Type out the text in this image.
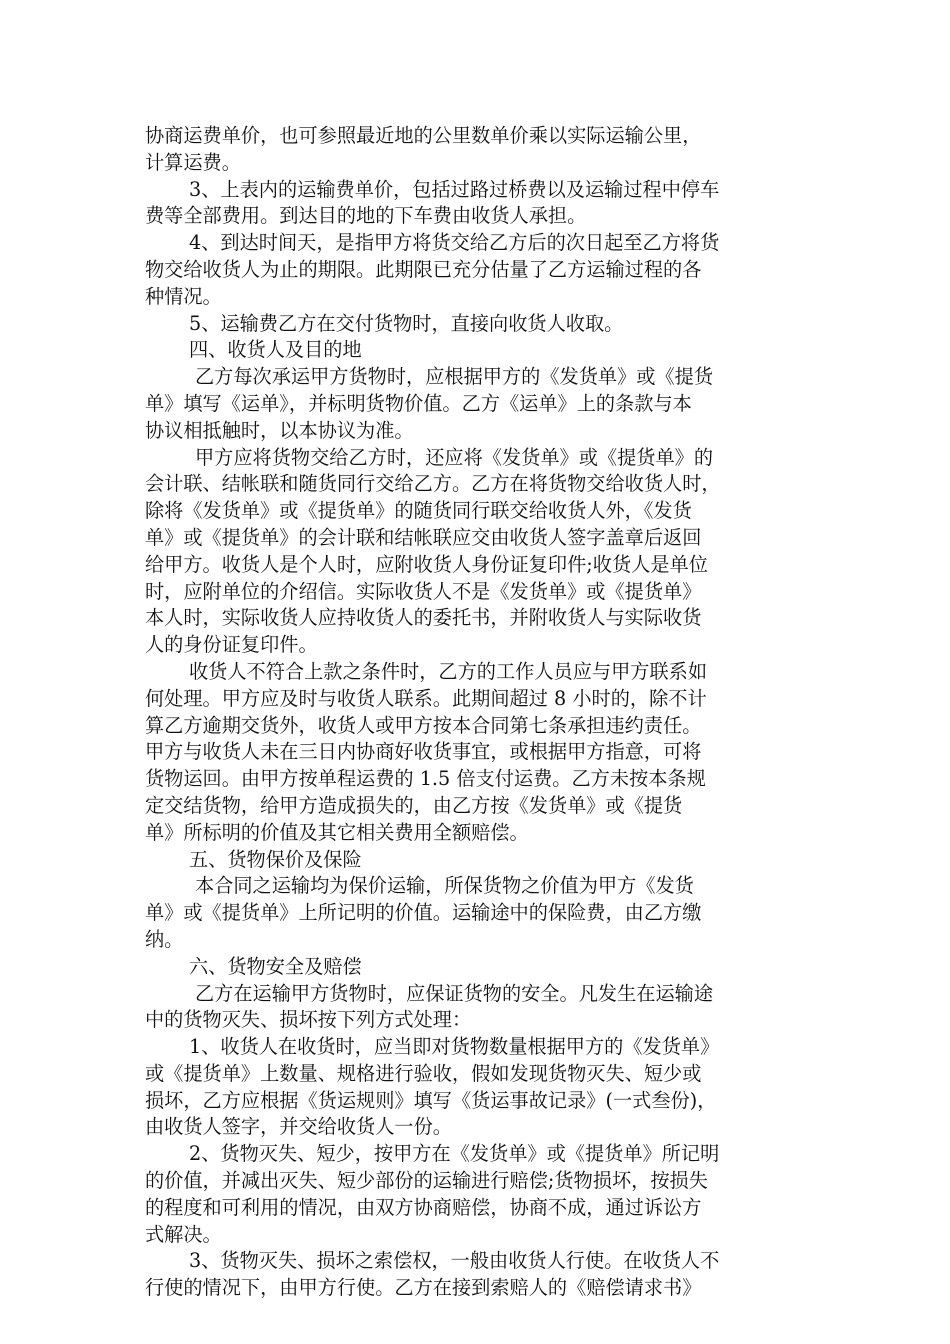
协商运费单价，也可参照最近地的公里数单价乘以实际运输公里，
计算运费。
3、上表内的运输费单价，包括过路过桥费以及运输过程中停车
费等全部费用。到达目的地的下车费由收货人承担。
4、到达时间天，是指甲方将货交给乙方后的次日起至乙方将货
物交给收货人为止的期限。此期限已充分估量了乙方运输过程的各
种情况。
5、运输费乙方在交付货物时，直接向收货人收取。
四、收货人及目的地
乙方每次承运甲方货物时，应根据甲方的《发货单》或《提货
单》填写《运单》，并标明货物价值。乙方《运单》上的条款与本
协议相抵触时，以本协议为准。
甲方应将货物交给乙方时，还应将《发货单》或《提货单》的
会计联、结帐联和随货同行交给乙方。乙方在将货物交给收货人时，
除将《发货单》或《提货单》的随货同行联交给收货人外，《发货
单》或《提货单》的会计联和结帐联应交由收货人签字盖章后返回
给甲方。收货人是个人时，应附收货人身份证复印件;收货人是单位
时，应附单位的介绍信。实际收货人不是《发货单》或《提货单》
本人时，实际收货人应持收货人的委托书，并附收货人与实际收货
人的身份证复印件。
收货人不符合上款之条件时，乙方的工作人员应与甲方联系如
何处理。甲方应及时与收货人联系。此期间超过 8 小时的，除不计
算乙方逾期交货外，收货人或甲方按本合同第七条承担违约责任。
甲方与收货人未在三日内协商好收货事宜，或根据甲方指意，可将
货物运回。由甲方按单程运费的 1.5 倍支付运费。乙方未按本条规
定交结货物，给甲方造成损失的，由乙方按《发货单》或《提货
单》所标明的价值及其它相关费用全额赔偿。
五、货物保价及保险
本合同之运输均为保价运输，所保货物之价值为甲方《发货
单》或《提货单》上所记明的价值。运输途中的保险费，由乙方缴
纳。
六、货物安全及赔偿
乙方在运输甲方货物时，应保证货物的安全。凡发生在运输途
中的货物灭失、损坏按下列方式处理：
1、收货人在收货时，应当即对货物数量根据甲方的《发货单》
或《提货单》上数量、规格进行验收，假如发现货物灭失、短少或
损坏，乙方应根据《货运规则》填写《货运事故记录》(一式叁份)，
由收货人签字，并交给收货人一份。
2、货物灭失、短少，按甲方在《发货单》或《提货单》所记明
的价值，并减出灭失、短少部份的运输进行赔偿;货物损坏，按损失
的程度和可利用的情况，由双方协商赔偿，协商不成，通过诉讼方
式解决。
3、货物灭失、损坏之索偿权，一般由收货人行使。在收货人不
行使的情况下，由甲方行使。乙方在接到索赔人的《赔偿请求书》
